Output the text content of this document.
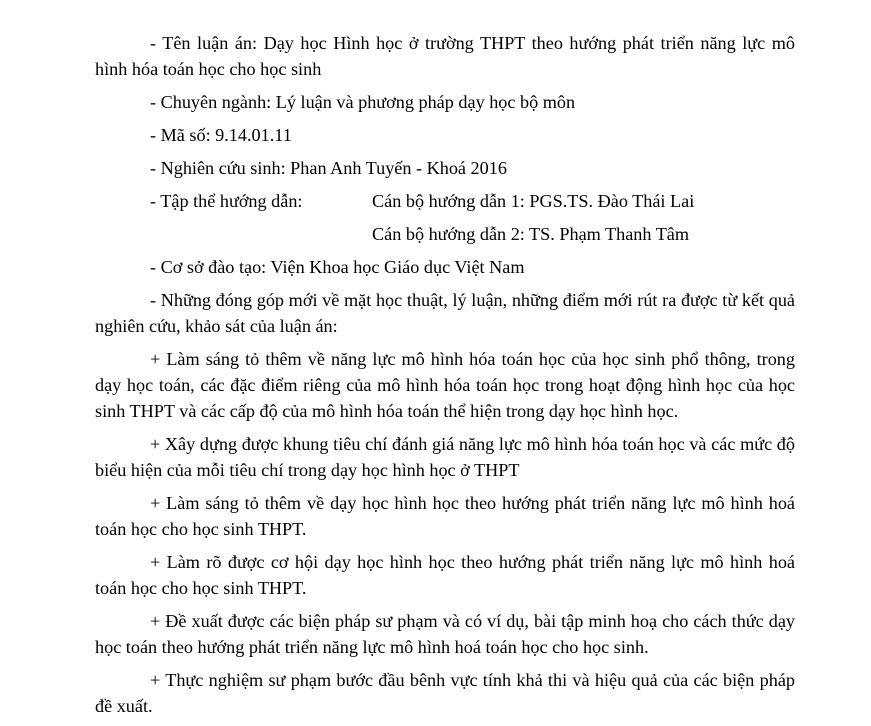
- Tên luận án: Dạy học Hình học ở trường THPT theo hướng phát triển năng lực mô hình hóa toán học cho học sinh

- Chuyên ngành: Lý luận và phương pháp dạy học bộ môn

- Mã số: 9.14.01.11

- Nghiên cứu sinh: Phan Anh Tuyến - Khoá 2016

- Tập thể hướng dẫn:	Cán bộ hướng dẫn 1: PGS.TS. Đào Thái Lai
Cán bộ hướng dẫn 2: TS. Phạm Thanh Tâm

- Cơ sở đào tạo: Viện Khoa học Giáo dục Việt Nam

- Những đóng góp mới về mặt học thuật, lý luận, những điểm mới rút ra được từ kết quả nghiên cứu, khảo sát của luận án:

+ Làm sáng tỏ thêm về năng lực mô hình hóa toán học của học sinh phổ thông, trong dạy học toán, các đặc điểm riêng của mô hình hóa toán học trong hoạt động hình học của học sinh THPT và các cấp độ của mô hình hóa toán thể hiện trong dạy học hình học.

+ Xây dựng được khung tiêu chí đánh giá năng lực mô hình hóa toán học và các mức độ biểu hiện của mỗi tiêu chí trong dạy học hình học ở THPT

+ Làm sáng tỏ thêm về dạy học hình học theo hướng phát triển năng lực mô hình hoá toán học cho học sinh THPT.

+ Làm rõ được cơ hội dạy học hình học theo hướng phát triển năng lực mô hình hoá toán học cho học sinh THPT.

+ Đề xuất được các biện pháp sư phạm và có ví dụ, bài tập minh hoạ cho cách thức dạy học toán theo hướng phát triển năng lực mô hình hoá toán học cho học sinh.

+ Thực nghiệm sư phạm bước đầu bênh vực tính khả thi và hiệu quả của các biện pháp đề xuất.
